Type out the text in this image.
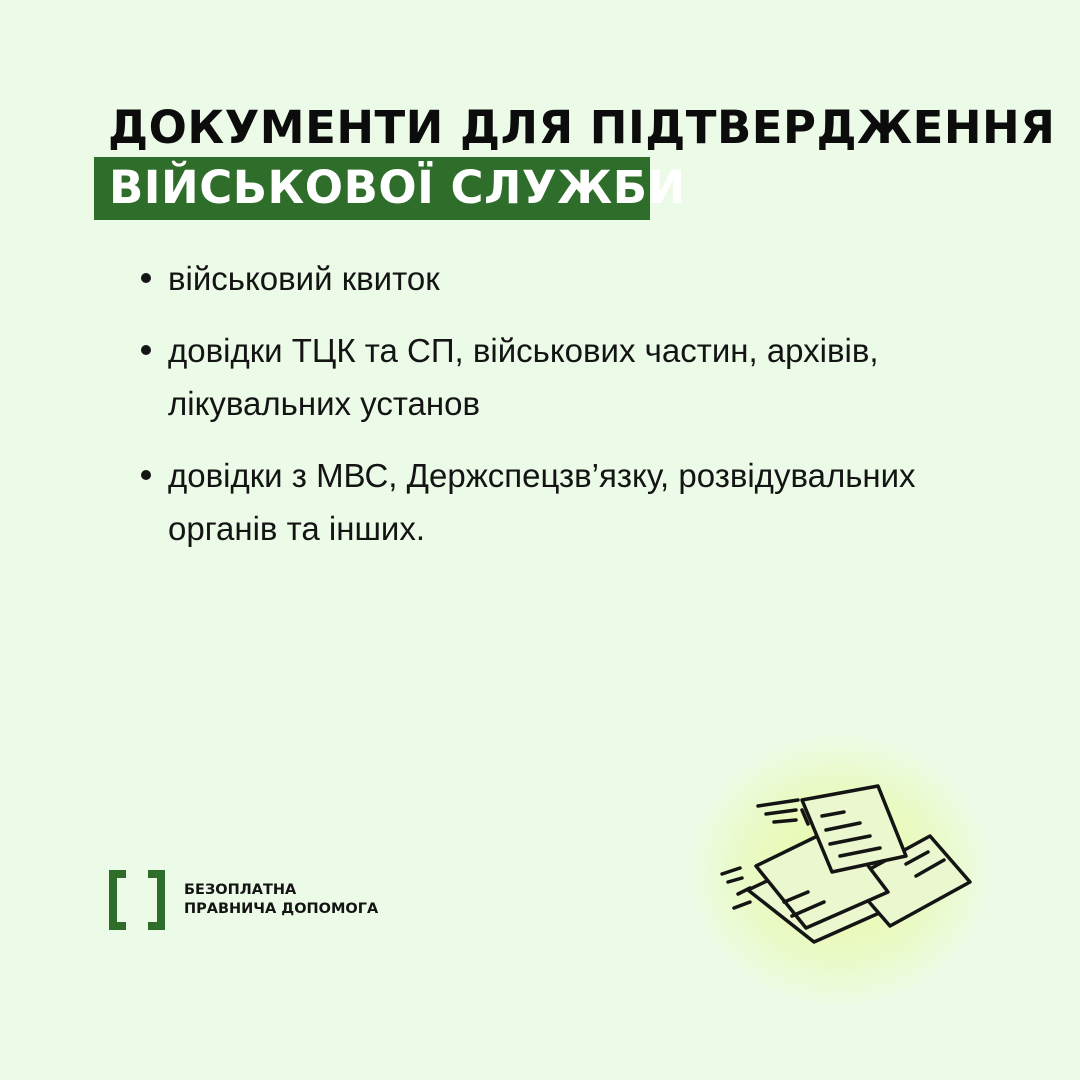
ДОКУМЕНТИ ДЛЯ ПІДТВЕРДЖЕННЯ
ВІЙСЬКОВОЇ СЛУЖБИ
військовий квиток
довідки ТЦК та СП, військових частин, архівів, лікувальних установ
довідки з МВС, Держспецзв’язку, розвідувальних органів та інших.
БЕЗОПЛАТНА
ПРАВНИЧА ДОПОМОГА
